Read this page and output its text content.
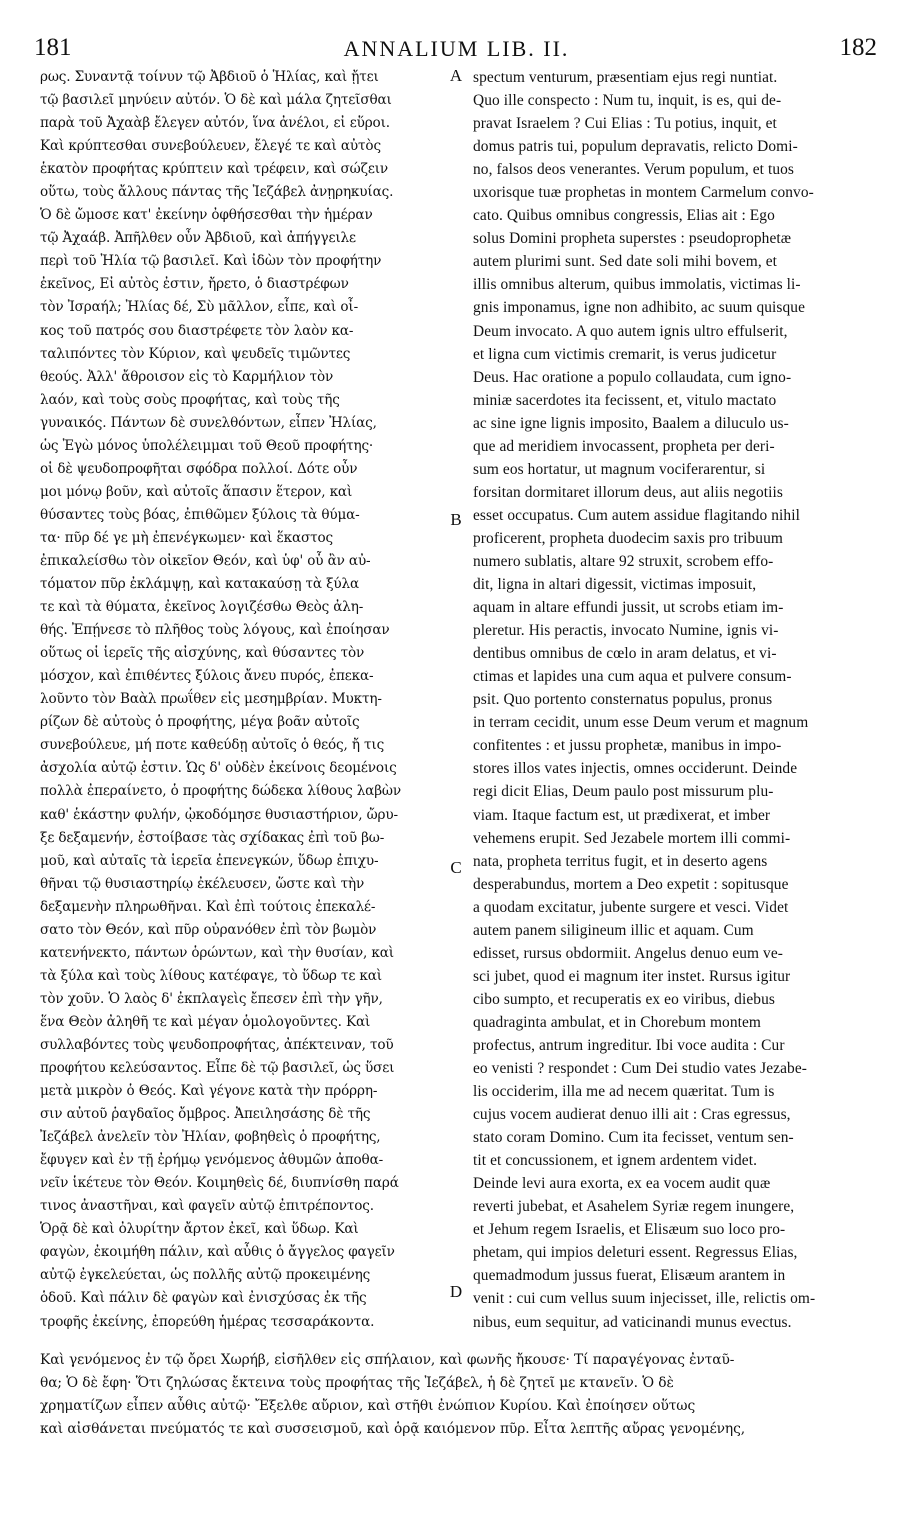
181	ANNALIUM LIB. II.	182
ρως. Συναντᾷ τοίνυν τῷ Ἀβδιοῦ ὁ Ἡλίας, καὶ ᾔτει
τῷ βασιλεῖ μηνύειν αὐτόν. Ὁ δὲ καὶ μάλα ζητεῖσθαι
παρὰ τοῦ Ἀχαὰβ ἔλεγεν αὐτόν, ἵνα ἀνέλοι, εἰ εὕροι.
Καὶ κρύπτεσθαι συνεβούλευεν, ἔλεγέ τε καὶ αὐτὸς
ἑκατὸν προφήτας κρύπτειν καὶ τρέφειν, καὶ σώζειν
οὕτω, τοὺς ἄλλους πάντας τῆς Ἰεζάβελ ἀνῃρηκυίας.
Ὁ δὲ ὤμοσε κατ' ἐκείνην ὀφθήσεσθαι τὴν ἡμέραν
τῷ Ἀχαάβ. Ἀπῆλθεν οὖν Ἀβδιοῦ, καὶ ἀπήγγειλε
περὶ τοῦ Ἠλία τῷ βασιλεῖ. Καὶ ἰδὼν τὸν προφήτην
ἐκεῖνος, Εἰ αὐτὸς ἐστιν, ἤρετο, ὁ διαστρέφων
τὸν Ἰσραήλ; Ἠλίας δέ, Σὺ μᾶλλον, εἶπε, καὶ οἶ-
κος τοῦ πατρός σου διαστρέφετε τὸν λαὸν κα-
ταλιπόντες τὸν Κύριον, καὶ ψευδεῖς τιμῶντες
θεούς. Ἀλλ' ἄθροισον εἰς τὸ Καρμήλιον τὸν
λαόν, καὶ τοὺς σοὺς προφήτας, καὶ τοὺς τῆς
γυναικός. Πάντων δὲ συνελθόντων, εἶπεν Ἠλίας,
ὡς Ἐγὼ μόνος ὑπολέλειμμαι τοῦ Θεοῦ προφήτης·
οἱ δὲ ψευδοπροφῆται σφόδρα πολλοί. Δότε οὖν
μοι μόνῳ βοῦν, καὶ αὐτοῖς ἅπασιν ἕτερον, καὶ
θύσαντες τοὺς βόας, ἐπιθῶμεν ξύλοις τὰ θύμα-
τα· πῦρ δέ γε μὴ ἐπενέγκωμεν· καὶ ἕκαστος
ἐπικαλείσθω τὸν οἰκεῖον Θεόν, καὶ ὑφ' οὗ ἂν αὐ-
τόματον πῦρ ἐκλάμψῃ, καὶ κατακαύσῃ τὰ ξύλα
τε καὶ τὰ θύματα, ἐκεῖνος λογιζέσθω Θεὸς ἀλη-
θής. Ἐπῄνεσε τὸ πλῆθος τοὺς λόγους, καὶ ἐποίησαν
οὕτως οἱ ἱερεῖς τῆς αἰσχύνης, καὶ θύσαντες τὸν
μόσχον, καὶ ἐπιθέντες ξύλοις ἄνευ πυρός, ἐπεκα-
λοῦντο τὸν Βαὰλ πρωΐθεν εἰς μεσημβρίαν. Μυκτη-
ρίζων δὲ αὐτοὺς ὁ προφήτης, μέγα βοᾶν αὐτοῖς
συνεβούλευε, μή ποτε καθεύδῃ αὐτοῖς ὁ θεός, ἤ τις
ἀσχολία αὐτῷ ἐστιν. Ὡς δ' οὐδὲν ἐκείνοις δεομένοις
πολλὰ ἐπεραίνετο, ὁ προφήτης δώδεκα λίθους λαβὼν
καθ' ἑκάστην φυλήν, ᾠκοδόμησε θυσιαστήριον, ὤρυ-
ξε δεξαμενήν, ἐστοίβασε τὰς σχίδακας ἐπὶ τοῦ βω-
μοῦ, καὶ αὐταῖς τὰ ἱερεῖα ἐπενεγκών, ὕδωρ ἐπιχυ-
θῆναι τῷ θυσιαστηρίῳ ἐκέλευσεν, ὥστε καὶ τὴν
δεξαμενὴν πληρωθῆναι. Καὶ ἐπὶ τούτοις ἐπεκαλέ-
σατο τὸν Θεόν, καὶ πῦρ οὐρανόθεν ἐπὶ τὸν βωμὸν
κατενήνεκτο, πάντων ὁρώντων, καὶ τὴν θυσίαν, καὶ
τὰ ξύλα καὶ τοὺς λίθους κατέφαγε, τὸ ὕδωρ τε καὶ
τὸν χοῦν. Ὁ λαὸς δ' ἐκπλαγεὶς ἔπεσεν ἐπὶ τὴν γῆν,
ἕνα Θεὸν ἀληθῆ τε καὶ μέγαν ὁμολογοῦντες. Καὶ
συλλαβόντες τοὺς ψευδοπροφήτας, ἀπέκτειναν, τοῦ
προφήτου κελεύσαντος. Εἶπε δὲ τῷ βασιλεῖ, ὡς ὕσει
μετὰ μικρὸν ὁ Θεός. Καὶ γέγονε κατὰ τὴν πρόρρη-
σιν αὐτοῦ ῥαγδαῖος ὄμβρος. Ἀπειλησάσης δὲ τῆς
Ἰεζάβελ ἀνελεῖν τὸν Ἠλίαν, φοβηθεὶς ὁ προφήτης,
ἔφυγεν καὶ ἐν τῇ ἐρήμῳ γενόμενος ἀθυμῶν ἀποθα-
νεῖν ἱκέτευε τὸν Θεόν. Κοιμηθεὶς δέ, διυπνίσθη παρά
τινος ἀναστῆναι, καὶ φαγεῖν αὐτῷ ἐπιτρέποντος.
Ὁρᾷ δὲ καὶ ὀλυρίτην ἄρτον ἐκεῖ, καὶ ὕδωρ. Καὶ
φαγὼν, ἐκοιμήθη πάλιν, καὶ αὖθις ὁ ἄγγελος φαγεῖν
αὐτῷ ἐγκελεύεται, ὡς πολλῆς αὐτῷ προκειμένης
ὁδοῦ. Καὶ πάλιν δὲ φαγὼν καὶ ἐνισχύσας ἐκ τῆς
τροφῆς ἐκείνης, ἐπορεύθη ἡμέρας τεσσαράκοντα.
spectum venturum, præsentiam ejus regi nuntiat.
Quo ille conspecto : Num tu, inquit, is es, qui de-
pravat Israelem ? Cui Elias : Tu potius, inquit, et
domus patris tui, populum depravatis, relicto Domi-
no, falsos deos venerantes. Verum populum, et tuos
uxorisque tuæ prophetas in montem Carmelum convo-
cato. Quibus omnibus congressis, Elias ait : Ego
solus Domini propheta superstes : pseudoprophetæ
autem plurimi sunt. Sed date soli mihi bovem, et
illis omnibus alterum, quibus immolatis, victimas li-
gnis imponamus, igne non adhibito, ac suum quisque
Deum invocato. A quo autem ignis ultro effulserit,
et ligna cum victimis cremarit, is verus judicetur
Deus. Hac oratione a populo collaudata, cum igno-
miniæ sacerdotes ita fecissent, et, vitulo mactato
ac sine igne lignis imposito, Baalem a diluculo us-
que ad meridiem invocassent, propheta per deri-
sum eos hortatur, ut magnum vociferarentur, si
forsitan dormitaret illorum deus, aut aliis negotiis
esset occupatus. Cum autem assidue flagitando nihil
proficerent, propheta duodecim saxis pro tribuum
numero sublatis, altare 92 struxit, scrobem effo-
dit, ligna in altari digessit, victimas imposuit,
aquam in altare effundi jussit, ut scrobs etiam im-
pleretur. His peractis, invocato Numine, ignis vi-
dentibus omnibus de cœlo in aram delatus, et vi-
ctimas et lapides una cum aqua et pulvere consum-
psit. Quo portento consternatus populus, pronus
in terram cecidit, unum esse Deum verum et magnum
confitentes : et jussu prophetæ, manibus in impo-
stores illos vates injectis, omnes occiderunt. Deinde
regi dicit Elias, Deum paulo post missurum plu-
viam. Itaque factum est, ut prædixerat, et imber
vehemens erupit. Sed Jezabele mortem illi commi-
nata, propheta territus fugit, et in deserto agens
desperabundus, mortem a Deo expetit : sopitusque
a quodam excitatur, jubente surgere et vesci. Videt
autem panem siligineum illic et aquam. Cum
edisset, rursus obdormiit. Angelus denuo eum ve-
sci jubet, quod ei magnum iter instet. Rursus igitur
cibo sumpto, et recuperatis ex eo viribus, diebus
quadraginta ambulat, et in Chorebum montem
profectus, antrum ingreditur. Ibi voce audita : Cur
eo venisti ? respondet : Cum Dei studio vates Jezabe-
lis occiderim, illa me ad necem quæritat. Tum is
cujus vocem audierat denuo illi ait : Cras egressus,
stato coram Domino. Cum ita fecisset, ventum sen-
tit et concussionem, et ignem ardentem videt.
Deinde levi aura exorta, ex ea vocem audit quæ
reverti jubebat, et Asahelem Syriæ regem inungere,
et Jehum regem Israelis, et Elisæum suo loco pro-
phetam, qui impios deleturi essent. Regressus Elias,
quemadmodum jussus fuerat, Elisæum arantem in
venit : cui cum vellus suum injecisset, ille, relictis om-
nibus, eum sequitur, ad vaticinandi munus evectus.
A
B
C
D
Καὶ γενόμενος ἐν τῷ ὄρει Χωρήβ, εἰσῆλθεν εἰς σπήλαιον, καὶ φωνῆς ἤκουσε· Τί παραγέγονας ἐνταῦ-
θα; Ὁ δὲ ἔφη· Ὅτι ζηλώσας ἔκτεινα τοὺς προφήτας τῆς Ἰεζάβελ, ἡ δὲ ζητεῖ με κτανεῖν. Ὁ δὲ
χρηματίζων εἶπεν αὖθις αὐτῷ· Ἔξελθε αὔριον, καὶ στῆθι ἐνώπιον Κυρίου. Καὶ ἐποίησεν οὕτως
καὶ αἰσθάνεται πνεύματός τε καὶ συσσεισμοῦ, καὶ ὁρᾷ καιόμενον πῦρ. Εἶτα λεπτῆς αὔρας γενομένης,
